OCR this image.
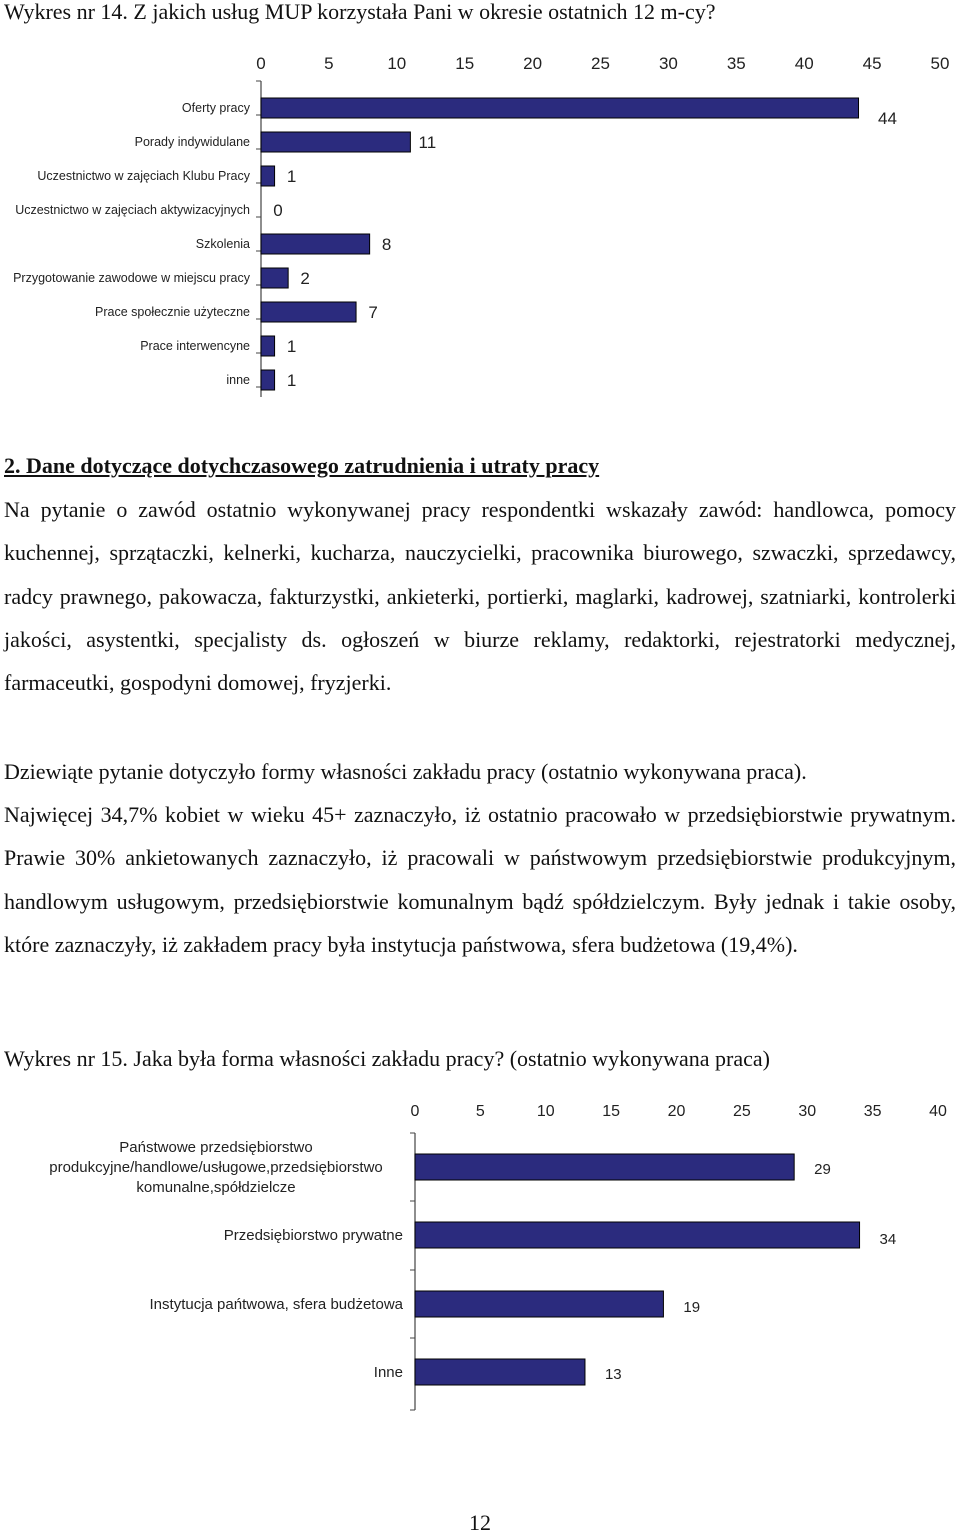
Wykres nr 14. Z jakich usług MUP korzystała Pani w okresie ostatnich 12 m-cy?
0	5	10	15	20	25	30	35	40	45	50
Oferty pracy
44
Porady indywidulane	11
Uczestnictwo w zajęciach Klubu Pracy 1
Uczestnictwo w zajęciach aktywizacyjnych 0
Szkolenia	8
Przygotowanie zawodowe w miejscu pracy	2
Prace społecznie użyteczne	7
Prace interwencyne 1
inne 1
2. Dane dotyczące dotychczasowego zatrudnienia i utraty pracy

Na pytanie o zawód ostatnio wykonywanej pracy respondentki wskazały zawód: handlowca, pomocy kuchennej, sprzątaczki, kelnerki, kucharza, nauczycielki, pracownika biurowego, szwaczki, sprzedawcy, radcy prawnego, pakowacza, fakturzystki, ankieterki, portierki, maglarki, kadrowej, szatniarki, kontrolerki jakości, asystentki, specjalisty ds. ogłoszeń w biurze reklamy, redaktorki, rejestratorki medycznej, farmaceutki, gospodyni domowej, fryzjerki.

Dziewiąte pytanie dotyczyło formy własności zakładu pracy (ostatnio wykonywana praca).

Najwięcej 34,7% kobiet w wieku 45+ zaznaczyło, iż ostatnio pracowało w przedsiębiorstwie prywatnym. Prawie 30% ankietowanych zaznaczyło, iż pracowali w państwowym przedsiębiorstwie produkcyjnym, handlowym usługowym, przedsiębiorstwie komunalnym bądź spółdzielczym. Były jednak i takie osoby, które zaznaczyły, iż zakładem pracy była instytucja państwowa, sfera budżetowa (19,4%).

Wykres nr 15. Jaka była forma własności zakładu pracy? (ostatnio wykonywana praca)
0	5	10	15	20	25	30	35	40
Państwowe przedsiębiorstwo
produkcyjne/handlowe/usługowe,przedsiębiorstwo
komunalne,spółdzielcze
29
Przedsiębiorstwo prywatne	34
Instytucja pańtwowa, sfera budżetowa	19
Inne	13
12
